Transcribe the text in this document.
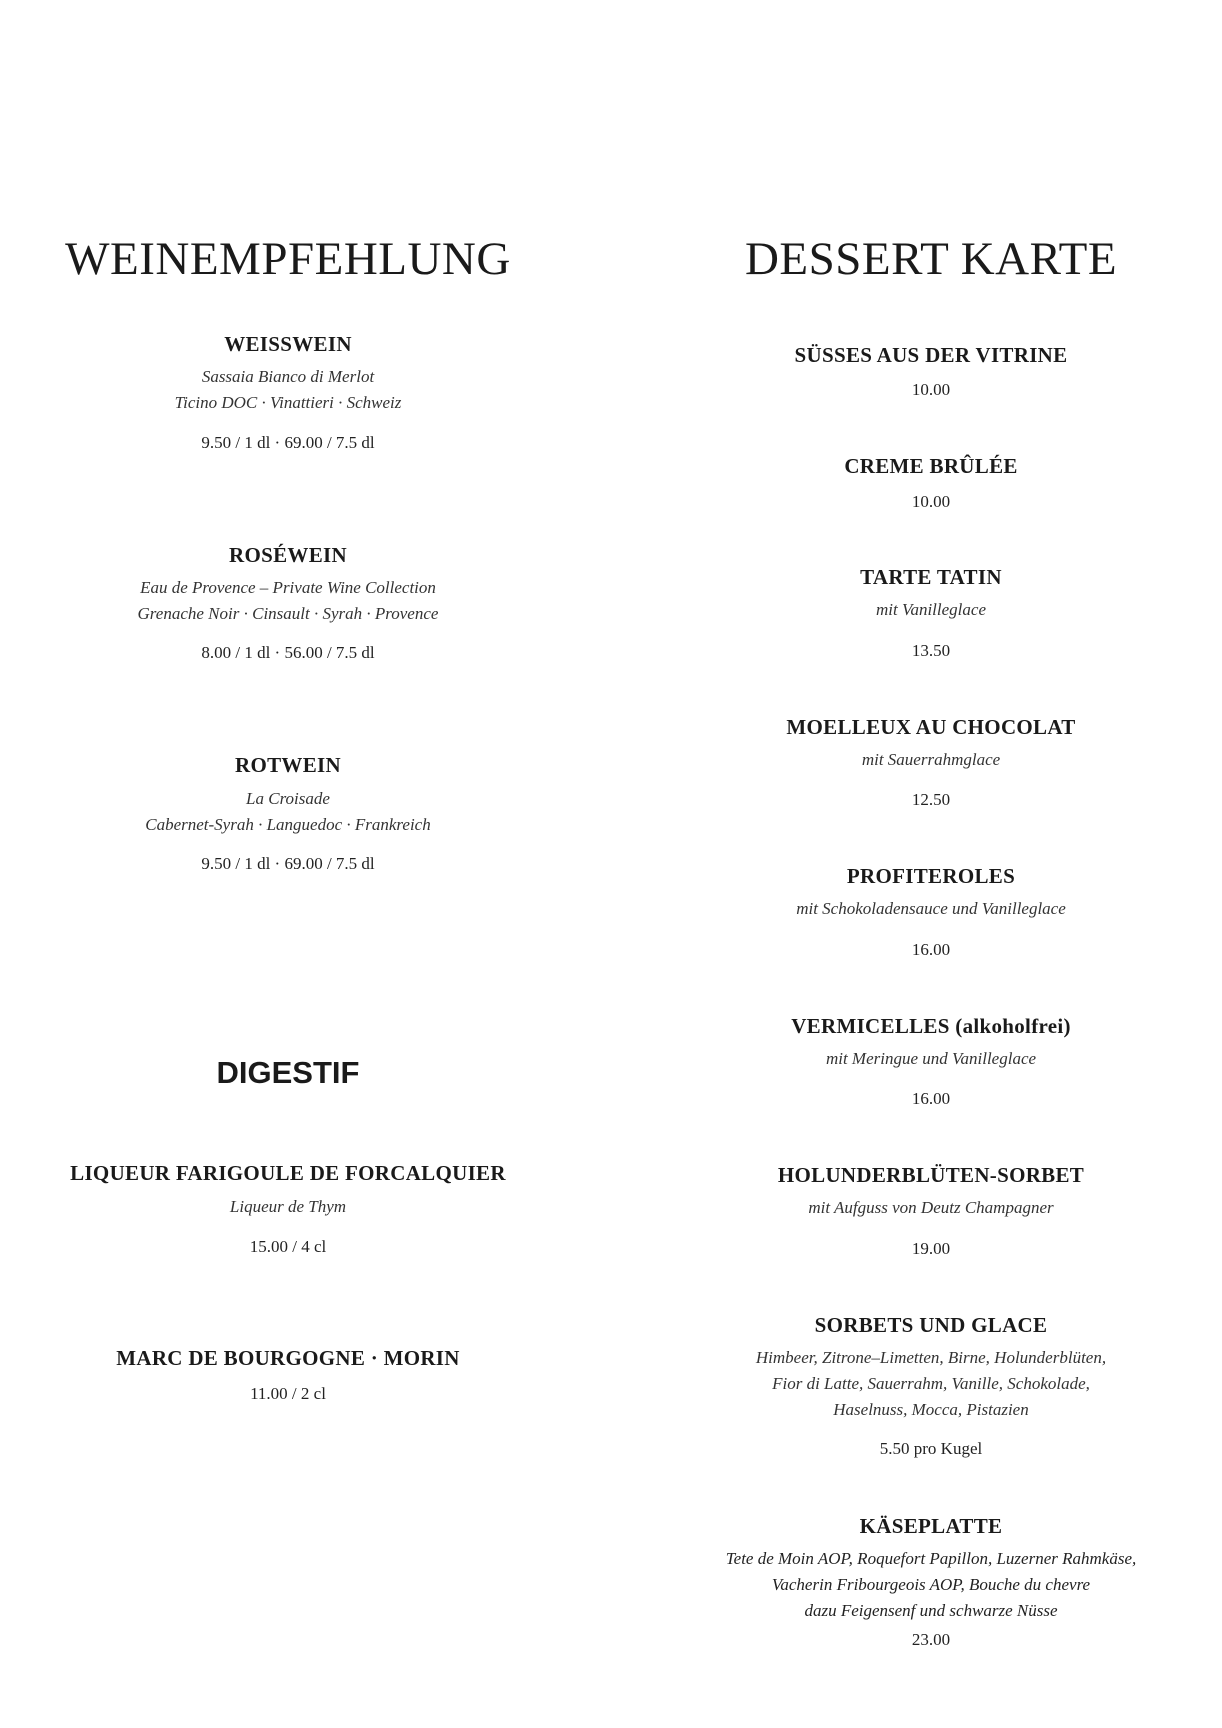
WEINEMPFEHLUNG
WEISSWEIN
Sassaia Bianco di Merlot
Ticino DOC · Vinattieri · Schweiz
9.50 / 1 dl · 69.00 / 7.5 dl
ROSÉWEIN
Eau de Provence – Private Wine Collection
Grenache Noir · Cinsault · Syrah · Provence
8.00 / 1 dl · 56.00 / 7.5 dl
ROTWEIN
La Croisade
Cabernet-Syrah · Languedoc · Frankreich
9.50 / 1 dl · 69.00 / 7.5 dl
DIGESTIF
LIQUEUR FARIGOULE DE FORCALQUIER
Liqueur de Thym
15.00 / 4 cl
MARC DE BOURGOGNE · MORIN
11.00 / 2 cl
DESSERT KARTE
SÜSSES AUS DER VITRINE
10.00
CREME BRÛLÉE
10.00
TARTE TATIN
mit Vanilleglace
13.50
MOELLEUX AU CHOCOLAT
mit Sauerrahmglace
12.50
PROFITEROLES
mit Schokoladensauce und Vanilleglace
16.00
VERMICELLES (alkoholfrei)
mit Meringue und Vanilleglace
16.00
HOLUNDERBLÜTEN-SORBET
mit Aufguss von Deutz Champagner
19.00
SORBETS UND GLACE
Himbeer, Zitrone–Limetten, Birne, Holunderblüten,
Fior di Latte, Sauerrahm, Vanille, Schokolade,
Haselnuss, Mocca, Pistazien
5.50 pro Kugel
KÄSEPLATTE
Tete de Moin AOP, Roquefort Papillon, Luzerner Rahmkäse,
Vacherin Fribourgeois AOP, Bouche du chevre
dazu Feigensenf und schwarze Nüsse
23.00
